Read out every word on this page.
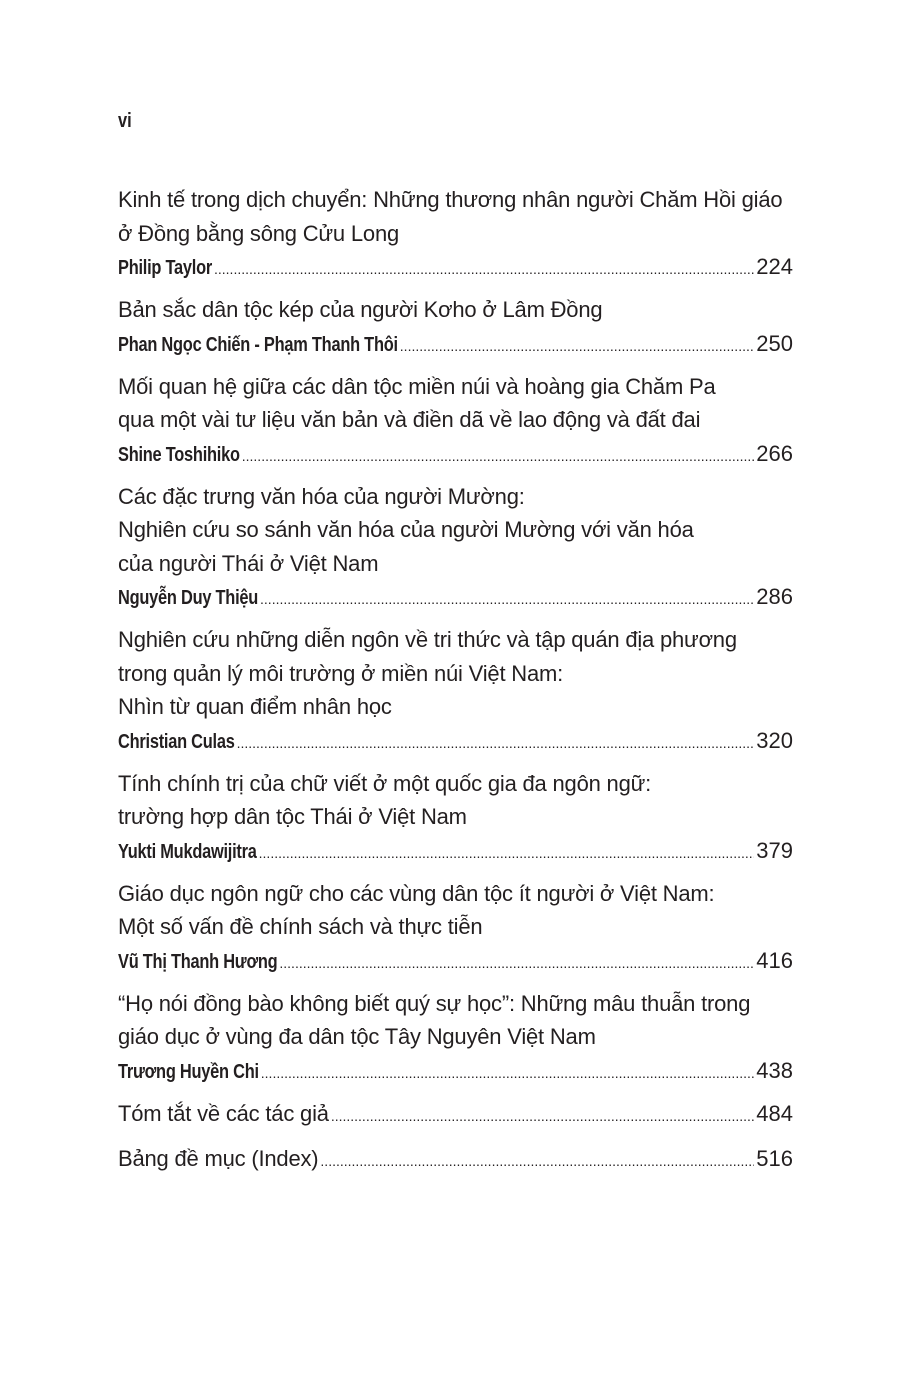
vi
Kinh tế trong dịch chuyển: Những thương nhân người Chăm Hồi giáo
ở Đồng bằng sông Cửu Long
Philip Taylor .....	224
Bản sắc dân tộc kép của người Kơho ở Lâm Đồng
Phan Ngọc Chiến - Phạm Thanh Thôi .....	250
Mối quan hệ giữa các dân tộc miền núi và hoàng gia Chăm Pa
qua một vài tư liệu văn bản và điền dã về lao động và đất đai
Shine Toshihiko .....	266
Các đặc trưng văn hóa của người Mường:
Nghiên cứu so sánh văn hóa của người Mường với văn hóa
của người Thái ở Việt Nam
Nguyễn Duy Thiệu .....	286
Nghiên cứu những diễn ngôn về tri thức và tập quán địa phương
trong quản lý môi trường ở miền núi Việt Nam:
Nhìn từ quan điểm nhân học
Christian Culas .....	320
Tính chính trị của chữ viết ở một quốc gia đa ngôn ngữ:
trường hợp dân tộc Thái ở Việt Nam
Yukti Mukdawijitra .....	379
Giáo dục ngôn ngữ cho các vùng dân tộc ít người ở Việt Nam:
Một số vấn đề chính sách và thực tiễn
Vũ Thị Thanh Hương .....	416
“Họ nói đồng bào không biết quý sự học”: Những mâu thuẫn trong
giáo dục ở vùng đa dân tộc Tây Nguyên Việt Nam
Trương Huyền Chi .....	438
Tóm tắt về các tác giả .....	484
Bảng đề mục (Index) .....	516
